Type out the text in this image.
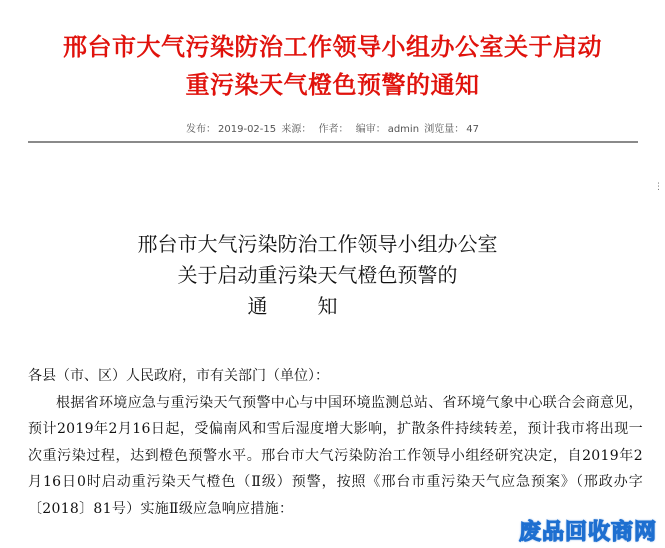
邢台市大气污染防治工作领导小组办公室关于启动
重污染天气橙色预警的通知
发布： 2019-02-15 来源： 作者： 编审： admin 浏览量： 47
⋮
邢台市大气污染防治工作领导小组办公室
关于启动重污染天气橙色预警的
通知
各县（市、区）人民政府，市有关部门（单位）：
根据省环境应急与重污染天气预警中心与中国环境监测总站、省环境气象中心联合会商意见，预计2019年2月16日起，受偏南风和雪后湿度增大影响，扩散条件持续转差，预计我市将出现一次重污染过程，达到橙色预警水平。邢台市大气污染防治工作领导小组经研究决定，自2019年2月16日0时启动重污染天气橙色（Ⅱ级）预警，按照《邢台市重污染天气应急预案》（邢政办字〔2018〕81号）实施Ⅱ级应急响应措施：
废品回收商网
